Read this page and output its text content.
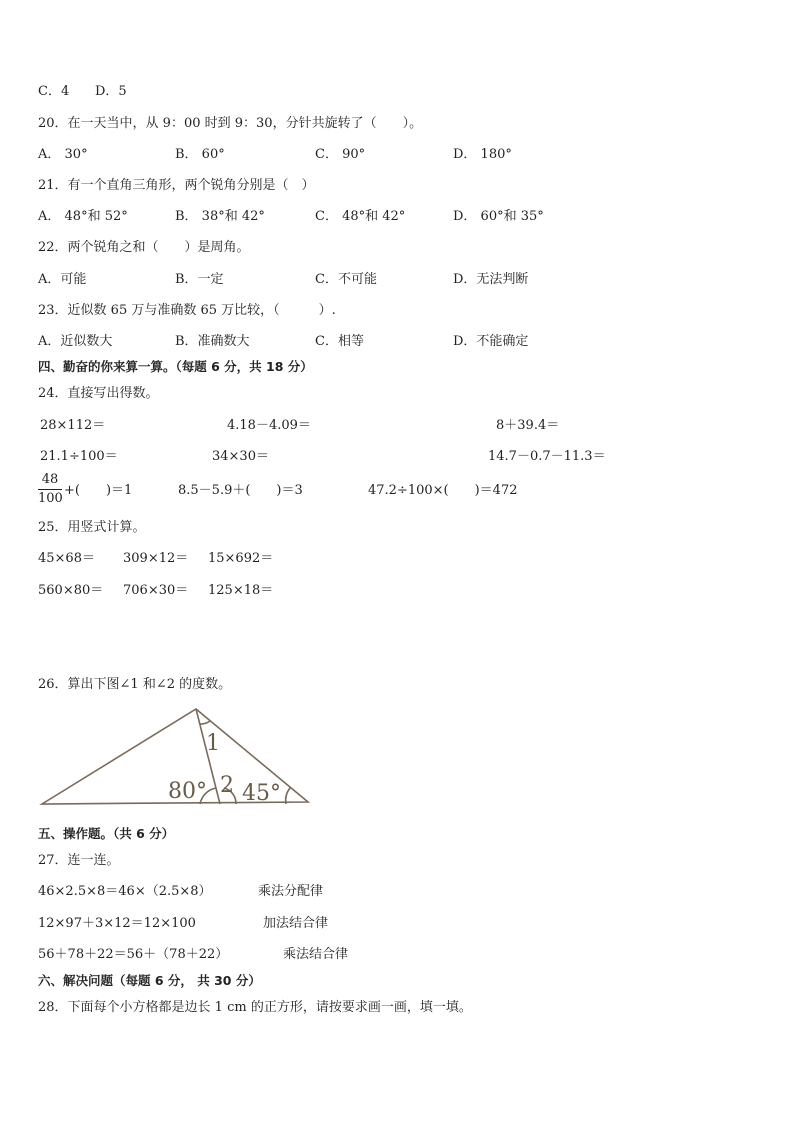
C．4 D．5
20．在一天当中，从 9：00 时到 9：30，分针共旋转了（　　）。
A． 30°	B． 60°	C． 90°	D． 180°
21．有一个直角三角形，两个锐角分别是（　）
A． 48°和 52°	B． 38°和 42°	C． 48°和 42°	D． 60°和 35°
22．两个锐角之和（　　）是周角。
A．可能	B．一定	C．不可能	D．无法判断
23．近似数 65 万与准确数 65 万比较，（　　　）.
A．近似数大	B．准确数大	C．相等	D．不能确定
四、勤奋的你来算一算。（每题 6 分，共 18 分）
24．直接写出得数。
28×112＝	4.18－4.09＝	8＋39.4＝
21.1÷100＝	34×30＝	14.7－0.7－11.3＝
48
100
+(　　)＝1	8.5－5.9＋(　　)＝3	47.2÷100×(　　)＝472
25．用竖式计算。
45×68＝ 309×12＝ 15×692＝
560×80＝ 706×30＝ 125×18＝
26．算出下图∠1 和∠2 的度数。
80° 2
1
45°
五、操作题。（共 6 分）
27．连一连。
46×2.5×8＝46×（2.5×8）	乘法分配律
12×97＋3×12＝12×100	加法结合律
56＋78＋22＝56＋（78＋22）	乘法结合律
六、解决问题（每题 6 分， 共 30 分）
28．下面每个小方格都是边长 1 cm 的正方形，请按要求画一画，填一填。
